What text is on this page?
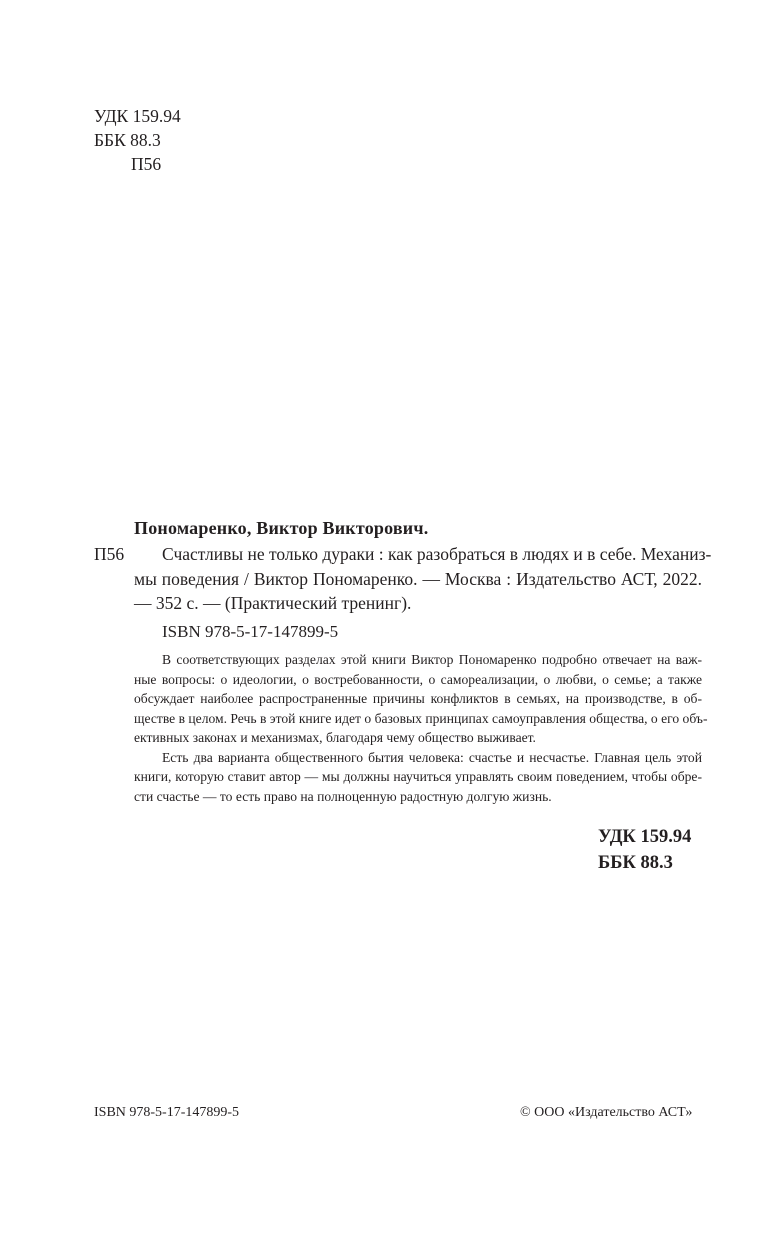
УДК 159.94
ББК 88.3
П56
Пономаренко, Виктор Викторович.
П56	Счастливы не только дураки : как разобраться в людях и в себе. Механиз-
мы поведения / Виктор Пономаренко. — Москва : Издательство АСТ, 2022.
— 352 с. — (Практический тренинг).
ISBN 978-5-17-147899-5
В соответствующих разделах этой книги Виктор Пономаренко подробно отвечает на важ-
ные вопросы: о идеологии, о востребованности, о самореализации, о любви, о семье; а также
обсуждает наиболее распространенные причины конфликтов в семьях, на производстве, в об-
ществе в целом. Речь в этой книге идет о базовых принципах самоуправления общества, о его объ-
ективных законах и механизмах, благодаря чему общество выживает.
Есть два варианта общественного бытия человека: счастье и несчастье. Главная цель этой
книги, которую ставит автор — мы должны научиться управлять своим поведением, чтобы обре-
сти счастье — то есть право на полноценную радостную долгую жизнь.
УДК 159.94
ББК 88.3
ISBN 978-5-17-147899-5	© ООО «Издательство АСТ»
